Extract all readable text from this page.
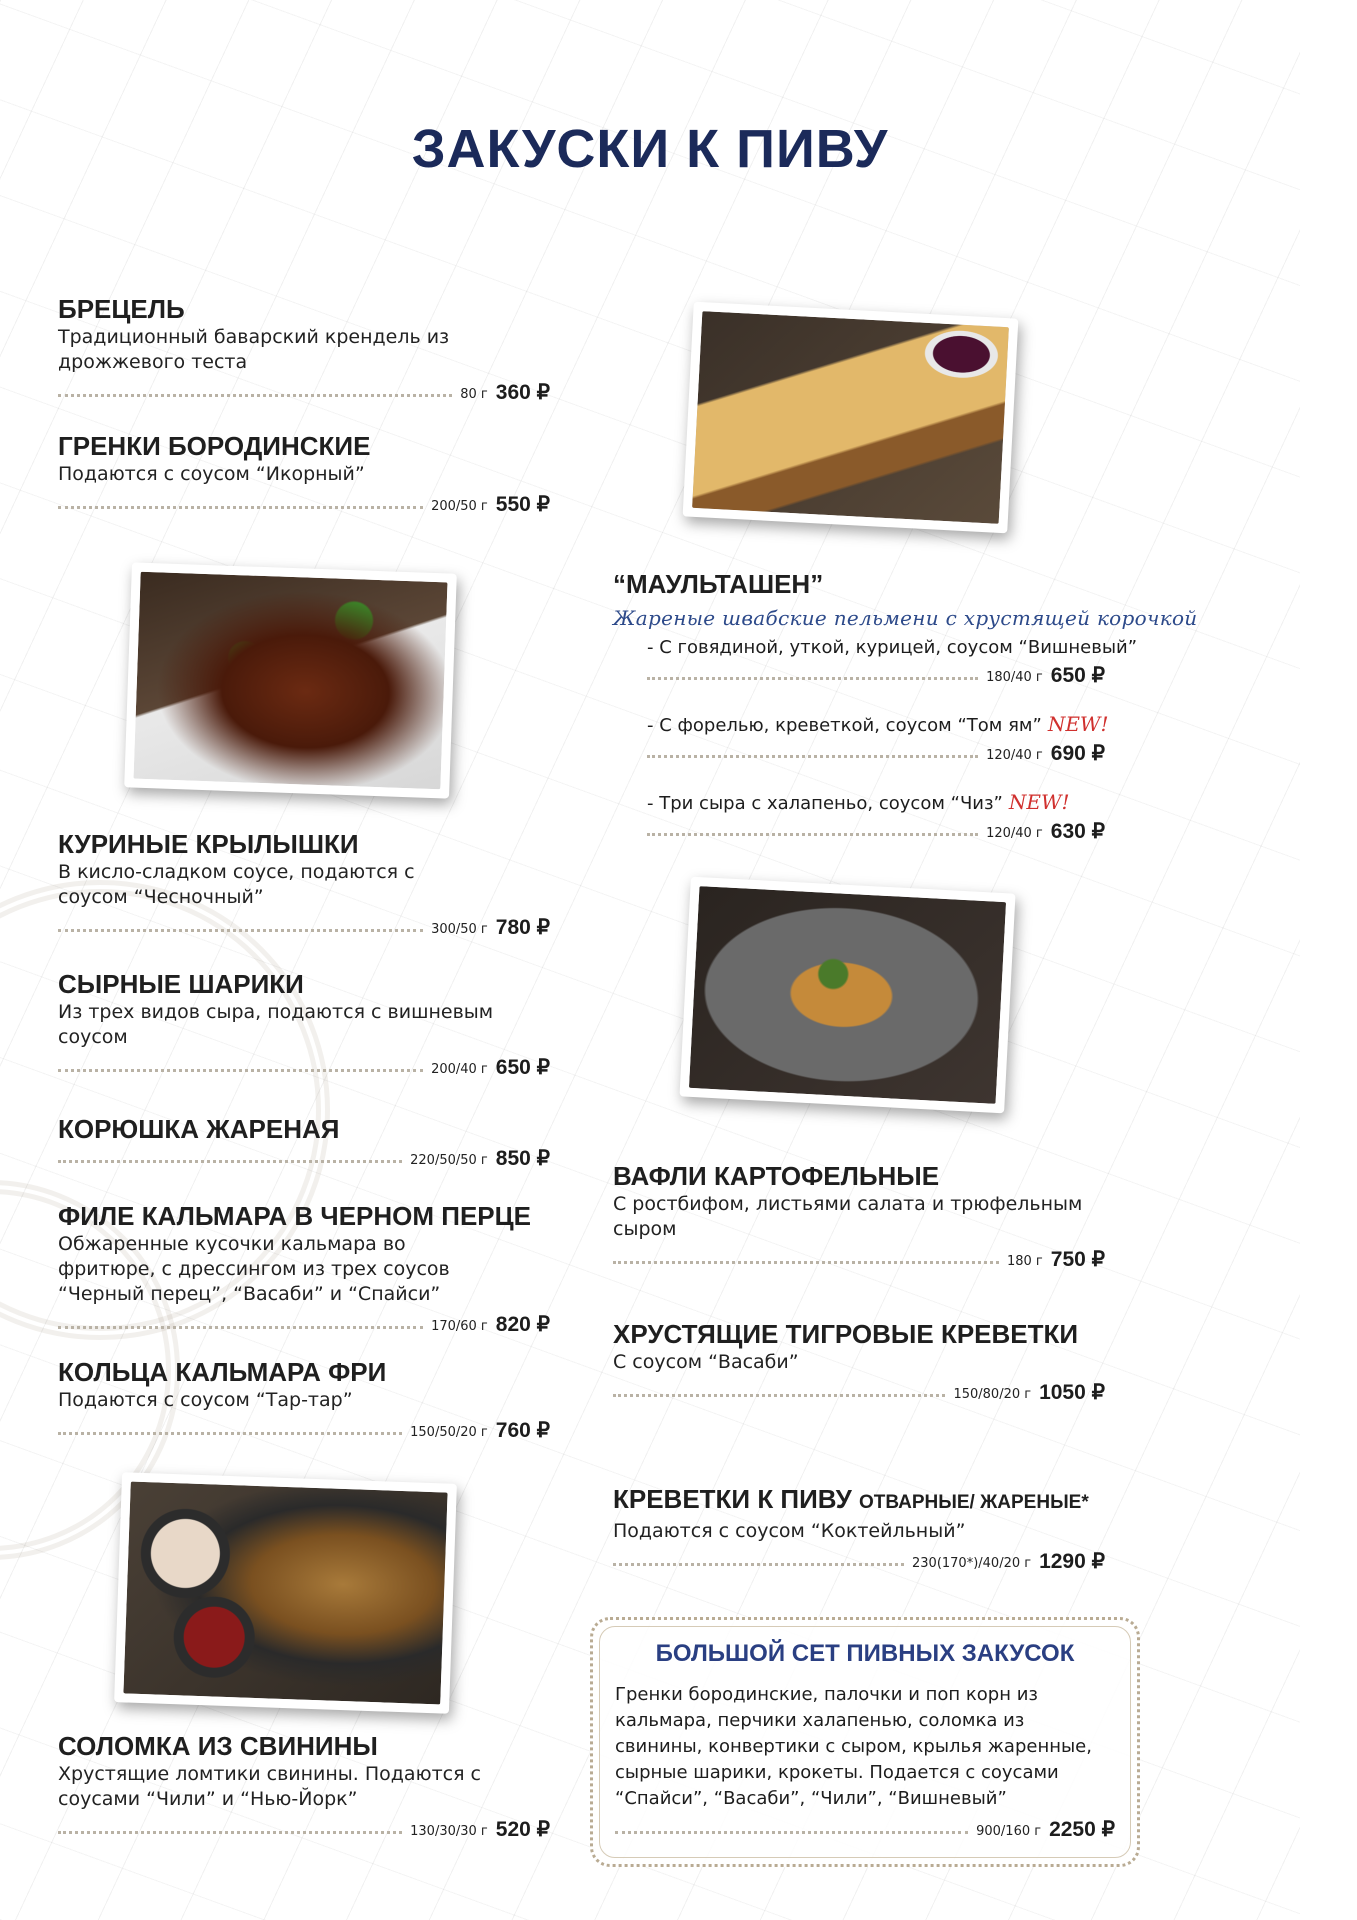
ЗАКУСКИ К ПИВУ
БРЕЦЕЛЬ
Традиционный баварский крендель из дрожжевого теста
80 г 360 ₽
ГРЕНКИ БОРОДИНСКИЕ
Подаются с соусом “Икорный”
200/50 г 550 ₽
КУРИНЫЕ КРЫЛЫШКИ
В кисло-сладком соусе, подаются с соусом “Чесночный”
300/50 г 780 ₽
СЫРНЫЕ ШАРИКИ
Из трех видов сыра, подаются с вишневым соусом
200/40 г 650 ₽
КОРЮШКА ЖАРЕНАЯ
220/50/50 г 850 ₽
ФИЛЕ КАЛЬМАРА В ЧЕРНОМ ПЕРЦЕ
Обжаренные кусочки кальмара во фритюре, с дрессингом из трех соусов “Черный перец”, “Васаби” и “Спайси”
170/60 г 820 ₽
КОЛЬЦА КАЛЬМАРА ФРИ
Подаются с соусом “Тар-тар”
150/50/20 г 760 ₽
СОЛОМКА ИЗ СВИНИНЫ
Хрустящие ломтики свинины. Подаются с соусами “Чили” и “Нью-Йорк”
130/30/30 г 520 ₽
“МАУЛЬТАШЕН”
Жареные швабские пельмени с хрустящей корочкой
- С говядиной, уткой, курицей, соусом “Вишневый”
180/40 г 650 ₽
- С форелью, креветкой, соусом “Том ям” NEW!
120/40 г 690 ₽
- Три сыра с халапеньо, соусом “Чиз” NEW!
120/40 г 630 ₽
ВАФЛИ КАРТОФЕЛЬНЫЕ
С ростбифом, листьями салата и трюфельным сыром
180 г 750 ₽
ХРУСТЯЩИЕ ТИГРОВЫЕ КРЕВЕТКИ
С соусом “Васаби”
150/80/20 г 1050 ₽
КРЕВЕТКИ К ПИВУ ОТВАРНЫЕ/ ЖАРЕНЫЕ*
Подаются с соусом “Коктейльный”
230(170*)/40/20 г 1290 ₽
БОЛЬШОЙ СЕТ ПИВНЫХ ЗАКУСОК
Гренки бородинские, палочки и поп корн из кальмара, перчики халапенью, соломка из свинины, конвертики с сыром, крылья жаренные, сырные шарики, крокеты. Подается с соусами “Спайси”, “Васаби”, “Чили”, “Вишневый”
900/160 г 2250 ₽
